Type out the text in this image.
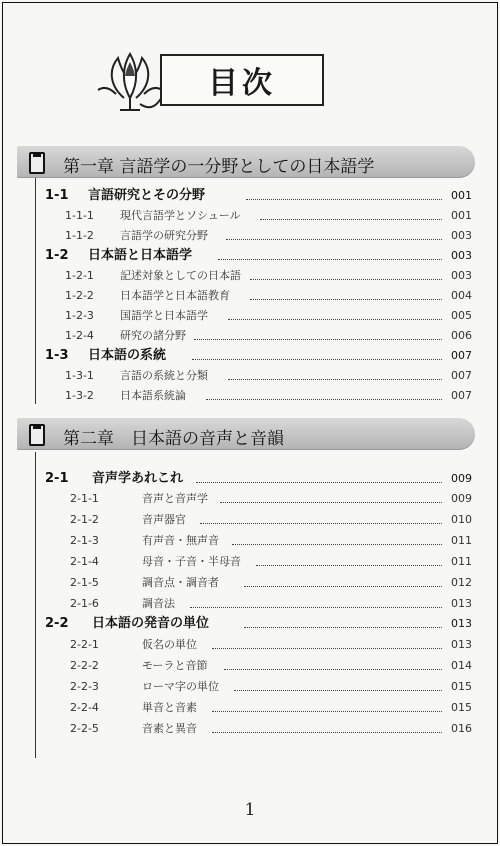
目次
第一章 言語学の一分野としての日本語学
1-1 言語研究とその分野	001
1-1-1 現代言語学とソシュール	001
1-1-2 言語学の研究分野	003
1-2 日本語と日本語学	003
1-2-1 記述対象としての日本語	003
1-2-2 日本語学と日本語教育	004
1-2-3 国語学と日本語学	005
1-2-4 研究の諸分野	006
1-3 日本語の系統	007
1-3-1 言語の系統と分類	007
1-3-2 日本語系統論	007
第二章　日本語の音声と音韻
2-1 音声学あれこれ	009
2-1-1	音声と音声学	009
2-1-2	音声器官	010
2-1-3	有声音・無声音	011
2-1-4	母音・子音・半母音	011
2-1-5	調音点・調音者	012
2-1-6	調音法	013
2-2 日本語の発音の単位	013
2-2-1	仮名の単位	013
2-2-2	モーラと音節	014
2-2-3	ローマ字の単位	015
2-2-4	単音と音素	015
2-2-5	音素と異音	016
1
